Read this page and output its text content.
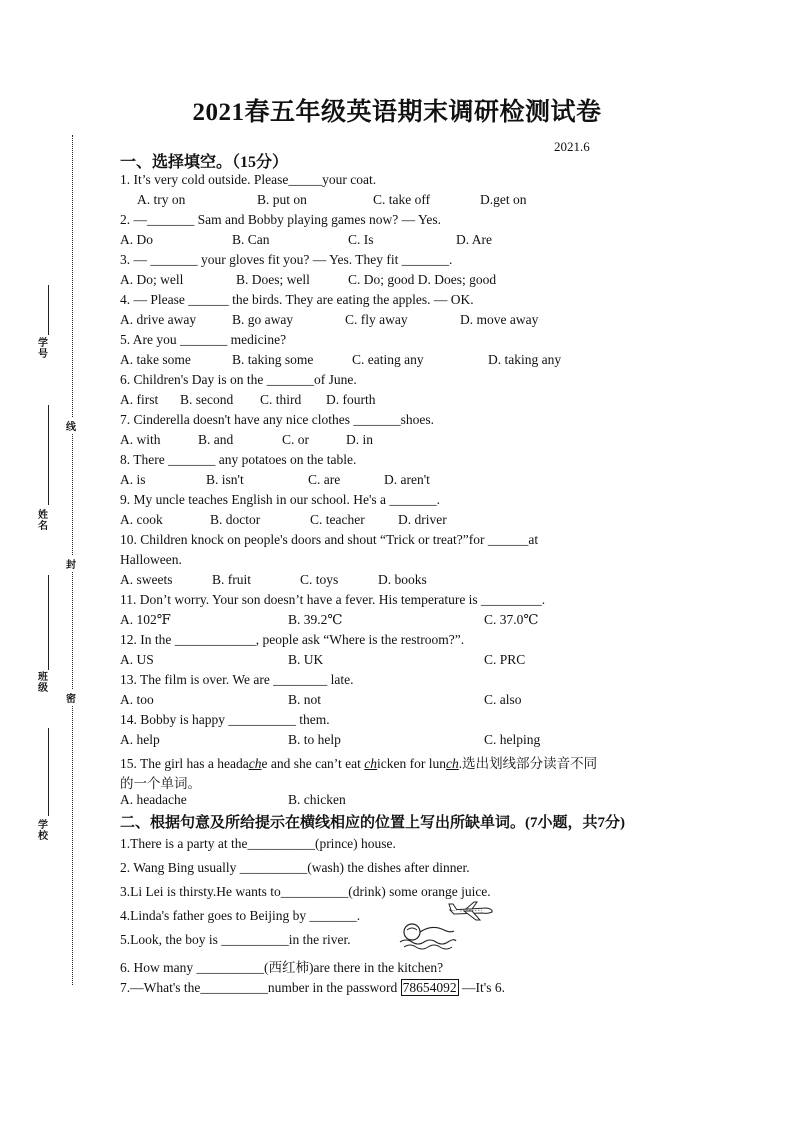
学号
姓名
班级
学校
线
封
密
2021春五年级英语期末调研检测试卷
2021.6
一、选择填空。（15分）
1. It’s very cold outside. Please_____your coat.
A. try on	B. put on	C. take off	D.get on
2. —_______ Sam and Bobby playing games now? — Yes.
A. Do	B. Can	C. Is	D. Are
3. — _______ your gloves fit you? — Yes. They fit _______.
A. Do; well	B. Does; well	C. Do; good D. Does; good
4. — Please ______ the birds. They are eating the apples. — OK.
A. drive away	B. go away	C. fly away	D. move away
5. Are you _______ medicine?
A. take some	B. taking some	C. eating any	D. taking any
6. Children's Day is on the _______of June.
A. first B. second C. third D. fourth
7. Cinderella doesn't have any nice clothes _______shoes.
A. with	B. and	C. or	D. in
8. There _______ any potatoes on the table.
A. is	B. isn't	C. are	D. aren't
9. My uncle teaches English in our school. He's a _______.
A. cook	B. doctor	C. teacher D. driver
10. Children knock on people's doors and shout “Trick or treat?”for ______at
Halloween.
A. sweets	B. fruit	C. toys	D. books
11. Don’t worry. Your son doesn’t have a fever. His temperature is _________.
A. 102℉	B. 39.2℃	C. 37.0℃
12. In the ____________, people ask “Where is the restroom?”.
A. US	B. UK	C. PRC
13. The film is over. We are ________ late.
A. too	B. not	C. also
14. Bobby is happy __________ them.
A. help	B. to help	C. helping
15. The girl has a headache and she can’t eat chicken for lunch.选出划线部分读音不同
的一个单词。
A. headache	B. chicken
二、根据句意及所给提示在横线相应的位置上写出所缺单词。(7小题，共7分)
1.There is a party at the__________(prince) house.
2. Wang Bing usually __________(wash) the dishes after dinner.
3.Li Lei is thirsty.He wants to__________(drink) some orange juice.
4.Linda's father goes to Beijing by _______.
5.Look, the boy is __________in the river.
6. How many __________(西红柿)are there in the kitchen?
7.—What's the__________number in the password 78654092 —It's 6.
